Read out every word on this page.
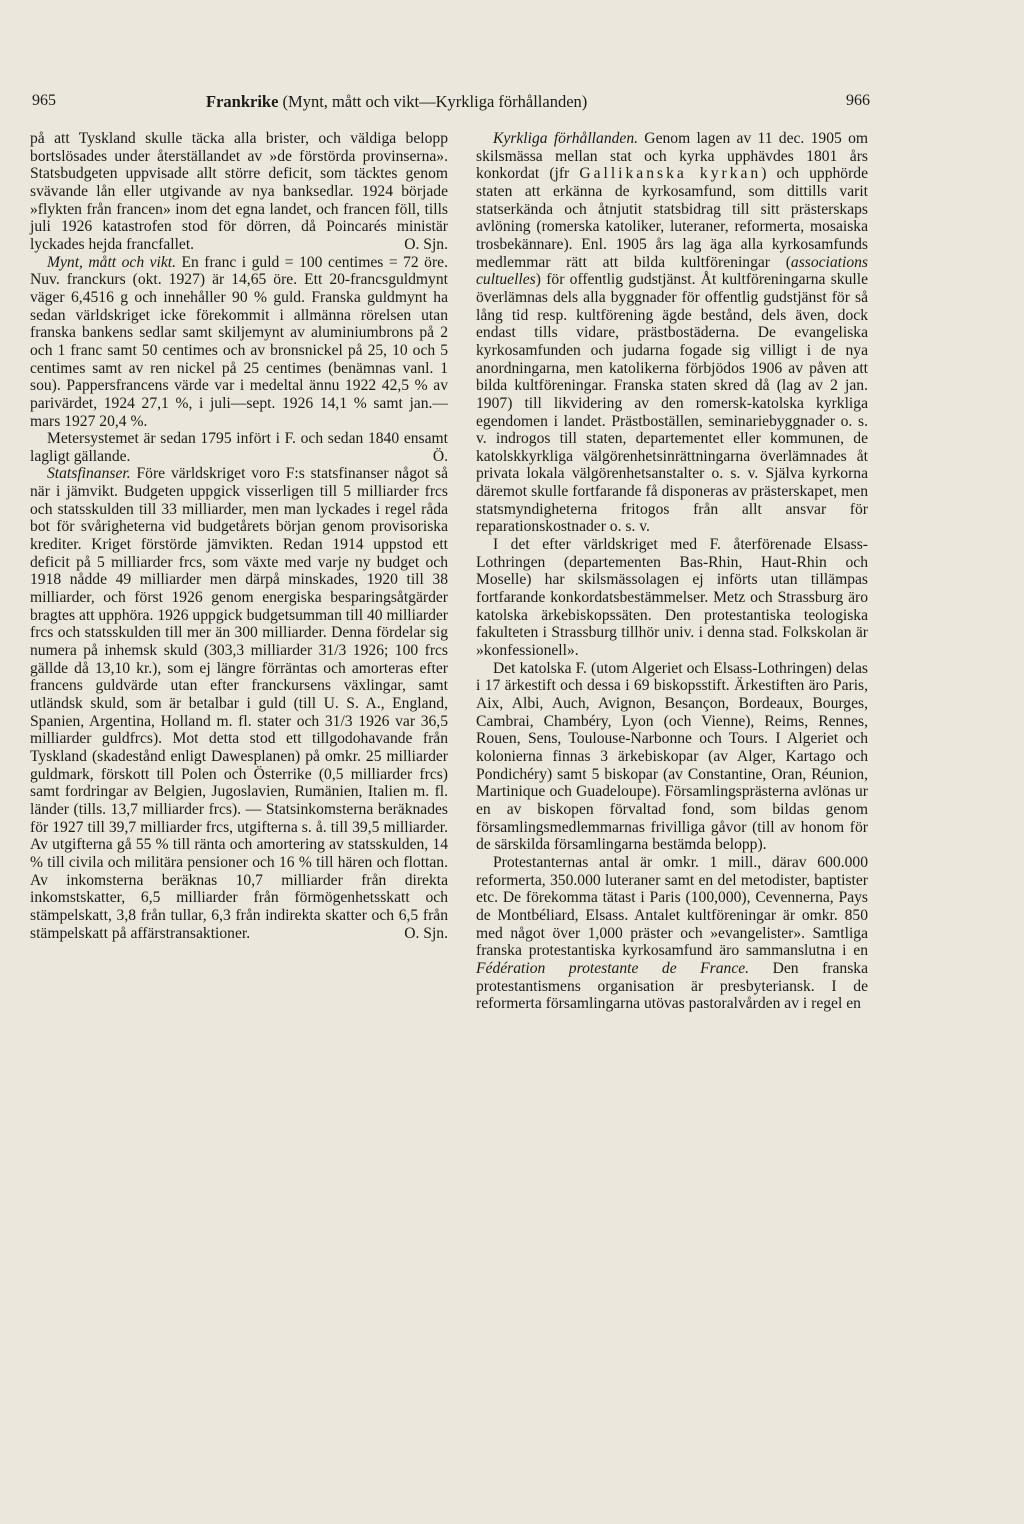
965	Frankrike (Mynt, mått och vikt—Kyrkliga förhållanden)	966

på att Tyskland skulle täcka alla brister, och väldiga belopp bortslösades under återställandet av »de förstörda provinserna». Statsbudgeten uppvisade allt större deficit, som täcktes genom svävande lån eller utgivande av nya banksedlar. 1924 började »flykten från francen» inom det egna landet, och francen föll, tills juli 1926 katastrofen stod för dörren, då Poincarés ministär lyckades hejda francfallet.	O. Sjn.

Mynt, mått och vikt. En franc i guld = 100 centimes = 72 öre. Nuv. franckurs (okt. 1927) är 14,65 öre. Ett 20-francsguldmynt väger 6,4516 g och innehåller 90 % guld. Franska guldmynt ha sedan världskriget icke förekommit i allmänna rörelsen utan franska bankens sedlar samt skiljemynt av aluminiumbrons på 2 och 1 franc samt 50 centimes och av bronsnickel på 25, 10 och 5 centimes samt av ren nickel på 25 centimes (benämnas vanl. 1 sou). Pappersfrancens värde var i medeltal ännu 1922 42,5 % av parivärdet, 1924 27,1 %, i juli—sept. 1926 14,1 % samt jan.—mars 1927 20,4 %.

Metersystemet är sedan 1795 infört i F. och sedan 1840 ensamt lagligt gällande.	Ö.

Statsfinanser. Före världskriget voro F:s statsfinanser något så när i jämvikt. Budgeten uppgick visserligen till 5 milliarder frcs och statsskulden till 33 milliarder, men man lyckades i regel råda bot för svårigheterna vid budgetårets början genom provisoriska krediter. Kriget förstörde jämvikten. Redan 1914 uppstod ett deficit på 5 milliarder frcs, som växte med varje ny budget och 1918 nådde 49 milliarder men därpå minskades, 1920 till 38 milliarder, och först 1926 genom energiska besparingsåtgärder bragtes att upphöra. 1926 uppgick budgetsumman till 40 milliarder frcs och statsskulden till mer än 300 milliarder. Denna fördelar sig numera på inhemsk skuld (303,3 milliarder 31/3 1926; 100 frcs gällde då 13,10 kr.), som ej längre förräntas och amorteras efter francens guldvärde utan efter franckursens växlingar, samt utländsk skuld, som är betalbar i guld (till U. S. A., England, Spanien, Argentina, Holland m. fl. stater och 31/3 1926 var 36,5 milliarder guldfrcs). Mot detta stod ett tillgodohavande från Tyskland (skadestånd enligt Dawesplanen) på omkr. 25 milliarder guldmark, förskott till Polen och Österrike (0,5 milliarder frcs) samt fordringar av Belgien, Jugoslavien, Rumänien, Italien m. fl. länder (tills. 13,7 milliarder frcs). — Statsinkomsterna beräknades för 1927 till 39,7 milliarder frcs, utgifterna s. å. till 39,5 milliarder. Av utgifterna gå 55 % till ränta och amortering av statsskulden, 14 % till civila och militära pensioner och 16 % till hären och flottan. Av inkomsterna beräknas 10,7 milliarder från direkta inkomstskatter, 6,5 milliarder från förmögenhetsskatt och stämpelskatt, 3,8 från tullar, 6,3 från indirekta skatter och 6,5 från stämpelskatt på affärstransaktioner.	O. Sjn.

Kyrkliga förhållanden. Genom lagen av 11 dec. 1905 om skilsmässa mellan stat och kyrka upphävdes 1801 års konkordat (jfr Gallikanska kyrkan) och upphörde staten att erkänna de kyrkosamfund, som dittills varit statserkända och åtnjutit statsbidrag till sitt prästerskaps avlöning (romerska katoliker, luteraner, reformerta, mosaiska trosbekännare). Enl. 1905 års lag äga alla kyrkosamfunds medlemmar rätt att bilda kultföreningar (associations cultuelles) för offentlig gudstjänst. Åt kultföreningarna skulle överlämnas dels alla byggnader för offentlig gudstjänst för så lång tid resp. kultförening ägde bestånd, dels även, dock endast tills vidare, prästbostäderna. De evangeliska kyrkosamfunden och judarna fogade sig villigt i de nya anordningarna, men katolikerna förbjödos 1906 av påven att bilda kultföreningar. Franska staten skred då (lag av 2 jan. 1907) till likvidering av den romersk-katolska kyrkliga egendomen i landet. Prästboställen, seminariebyggnader o. s. v. indrogos till staten, departementet eller kommunen, de katolskkyrkliga välgörenhetsinrättningarna överlämnades åt privata lokala välgörenhetsanstalter o. s. v. Själva kyrkorna däremot skulle fortfarande få disponeras av prästerskapet, men statsmyndigheterna fritogos från allt ansvar för reparationskostnader o. s. v.

I det efter världskriget med F. återförenade Elsass-Lothringen (departementen Bas-Rhin, Haut-Rhin och Moselle) har skilsmässolagen ej införts utan tillämpas fortfarande konkordatsbestämmelser. Metz och Strassburg äro katolska ärkebiskopssäten. Den protestantiska teologiska fakulteten i Strassburg tillhör univ. i denna stad. Folkskolan är »konfessionell».

Det katolska F. (utom Algeriet och Elsass-Lothringen) delas i 17 ärkestift och dessa i 69 biskopsstift. Ärkestiften äro Paris, Aix, Albi, Auch, Avignon, Besançon, Bordeaux, Bourges, Cambrai, Chambéry, Lyon (och Vienne), Reims, Rennes, Rouen, Sens, Toulouse-Narbonne och Tours. I Algeriet och kolonierna finnas 3 ärkebiskopar (av Alger, Kartago och Pondichéry) samt 5 biskopar (av Constantine, Oran, Réunion, Martinique och Guadeloupe). Församlingsprästerna avlönas ur en av biskopen förvaltad fond, som bildas genom församlingsmedlemmarnas frivilliga gåvor (till av honom för de särskilda församlingarna bestämda belopp).

Protestanternas antal är omkr. 1 mill., därav 600.000 reformerta, 350.000 luteraner samt en del metodister, baptister etc. De förekomma tätast i Paris (100,000), Cevennerna, Pays de Montbéliard, Elsass. Antalet kultföreningar är omkr. 850 med något över 1,000 präster och »evangelister». Samtliga franska protestantiska kyrkosamfund äro sammanslutna i en Fédération protestante de France. Den franska protestantismens organisation är presbyteriansk. I de reformerta församlingarna utövas pastoralvården av i regel en
